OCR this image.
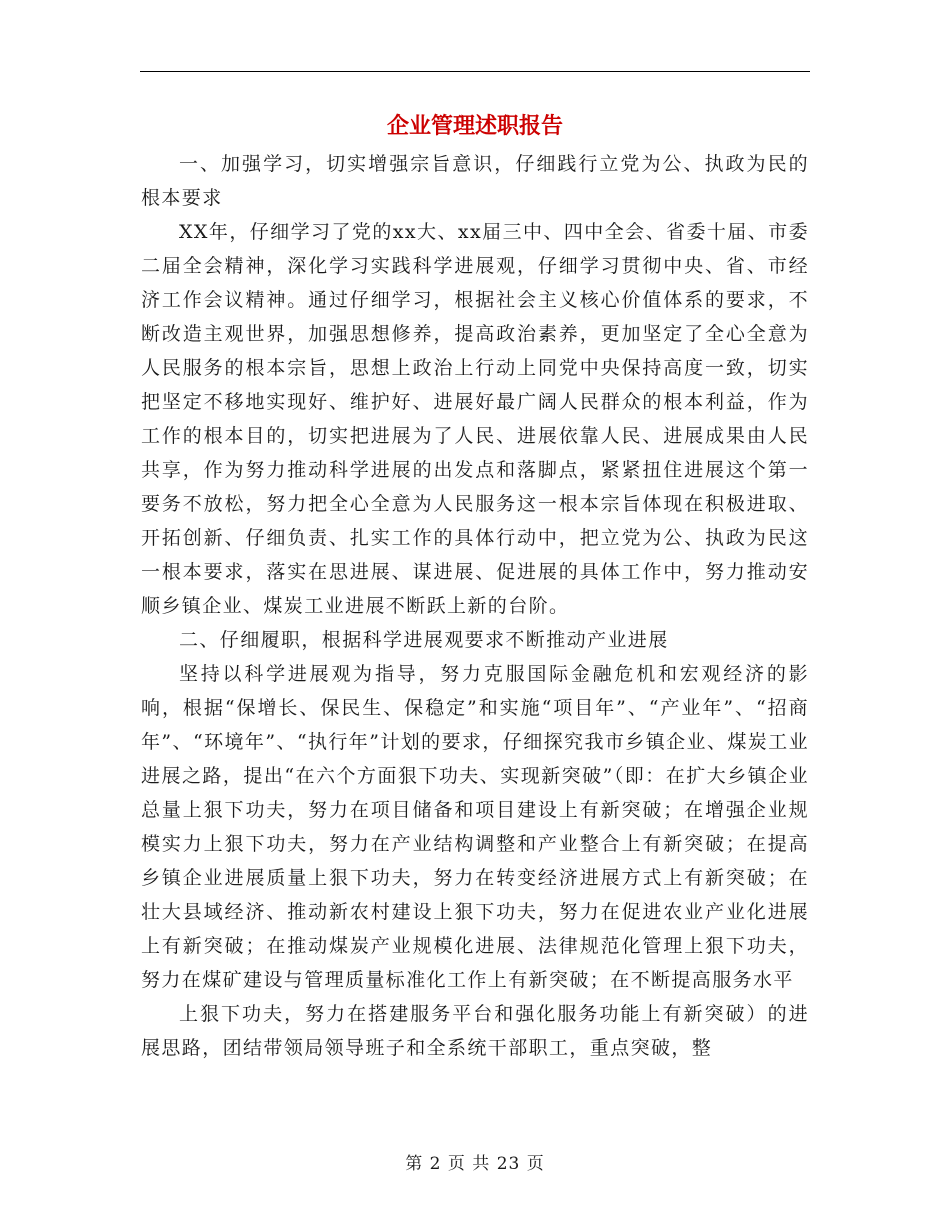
企业管理述职报告

一、加强学习，切实增强宗旨意识，仔细践行立党为公、执政为民的根本要求

XX年，仔细学习了党的xx大、xx届三中、四中全会、省委十届、市委二届全会精神，深化学习实践科学进展观，仔细学习贯彻中央、省、市经济工作会议精神。通过仔细学习，根据社会主义核心价值体系的要求，不断改造主观世界，加强思想修养，提高政治素养，更加坚定了全心全意为人民服务的根本宗旨，思想上政治上行动上同党中央保持高度一致，切实把坚定不移地实现好、维护好、进展好最广阔人民群众的根本利益，作为工作的根本目的，切实把进展为了人民、进展依靠人民、进展成果由人民共享，作为努力推动科学进展的出发点和落脚点，紧紧扭住进展这个第一要务不放松，努力把全心全意为人民服务这一根本宗旨体现在积极进取、开拓创新、仔细负责、扎实工作的具体行动中，把立党为公、执政为民这一根本要求，落实在思进展、谋进展、促进展的具体工作中，努力推动安顺乡镇企业、煤炭工业进展不断跃上新的台阶。

二、仔细履职，根据科学进展观要求不断推动产业进展

坚持以科学进展观为指导，努力克服国际金融危机和宏观经济的影响，根据“保增长、保民生、保稳定”和实施“项目年”、“产业年”、“招商年”、“环境年”、“执行年”计划的要求，仔细探究我市乡镇企业、煤炭工业进展之路，提出“在六个方面狠下功夫、实现新突破”（即：在扩大乡镇企业总量上狠下功夫，努力在项目储备和项目建设上有新突破；在增强企业规模实力上狠下功夫，努力在产业结构调整和产业整合上有新突破；在提高乡镇企业进展质量上狠下功夫，努力在转变经济进展方式上有新突破；在壮大县域经济、推动新农村建设上狠下功夫，努力在促进农业产业化进展上有新突破；在推动煤炭产业规模化进展、法律规范化管理上狠下功夫，努力在煤矿建设与管理质量标准化工作上有新突破；在不断提高服务水平

上狠下功夫，努力在搭建服务平台和强化服务功能上有新突破）的进展思路，团结带领局领导班子和全系统干部职工，重点突破，整

第 2 页 共 23 页
